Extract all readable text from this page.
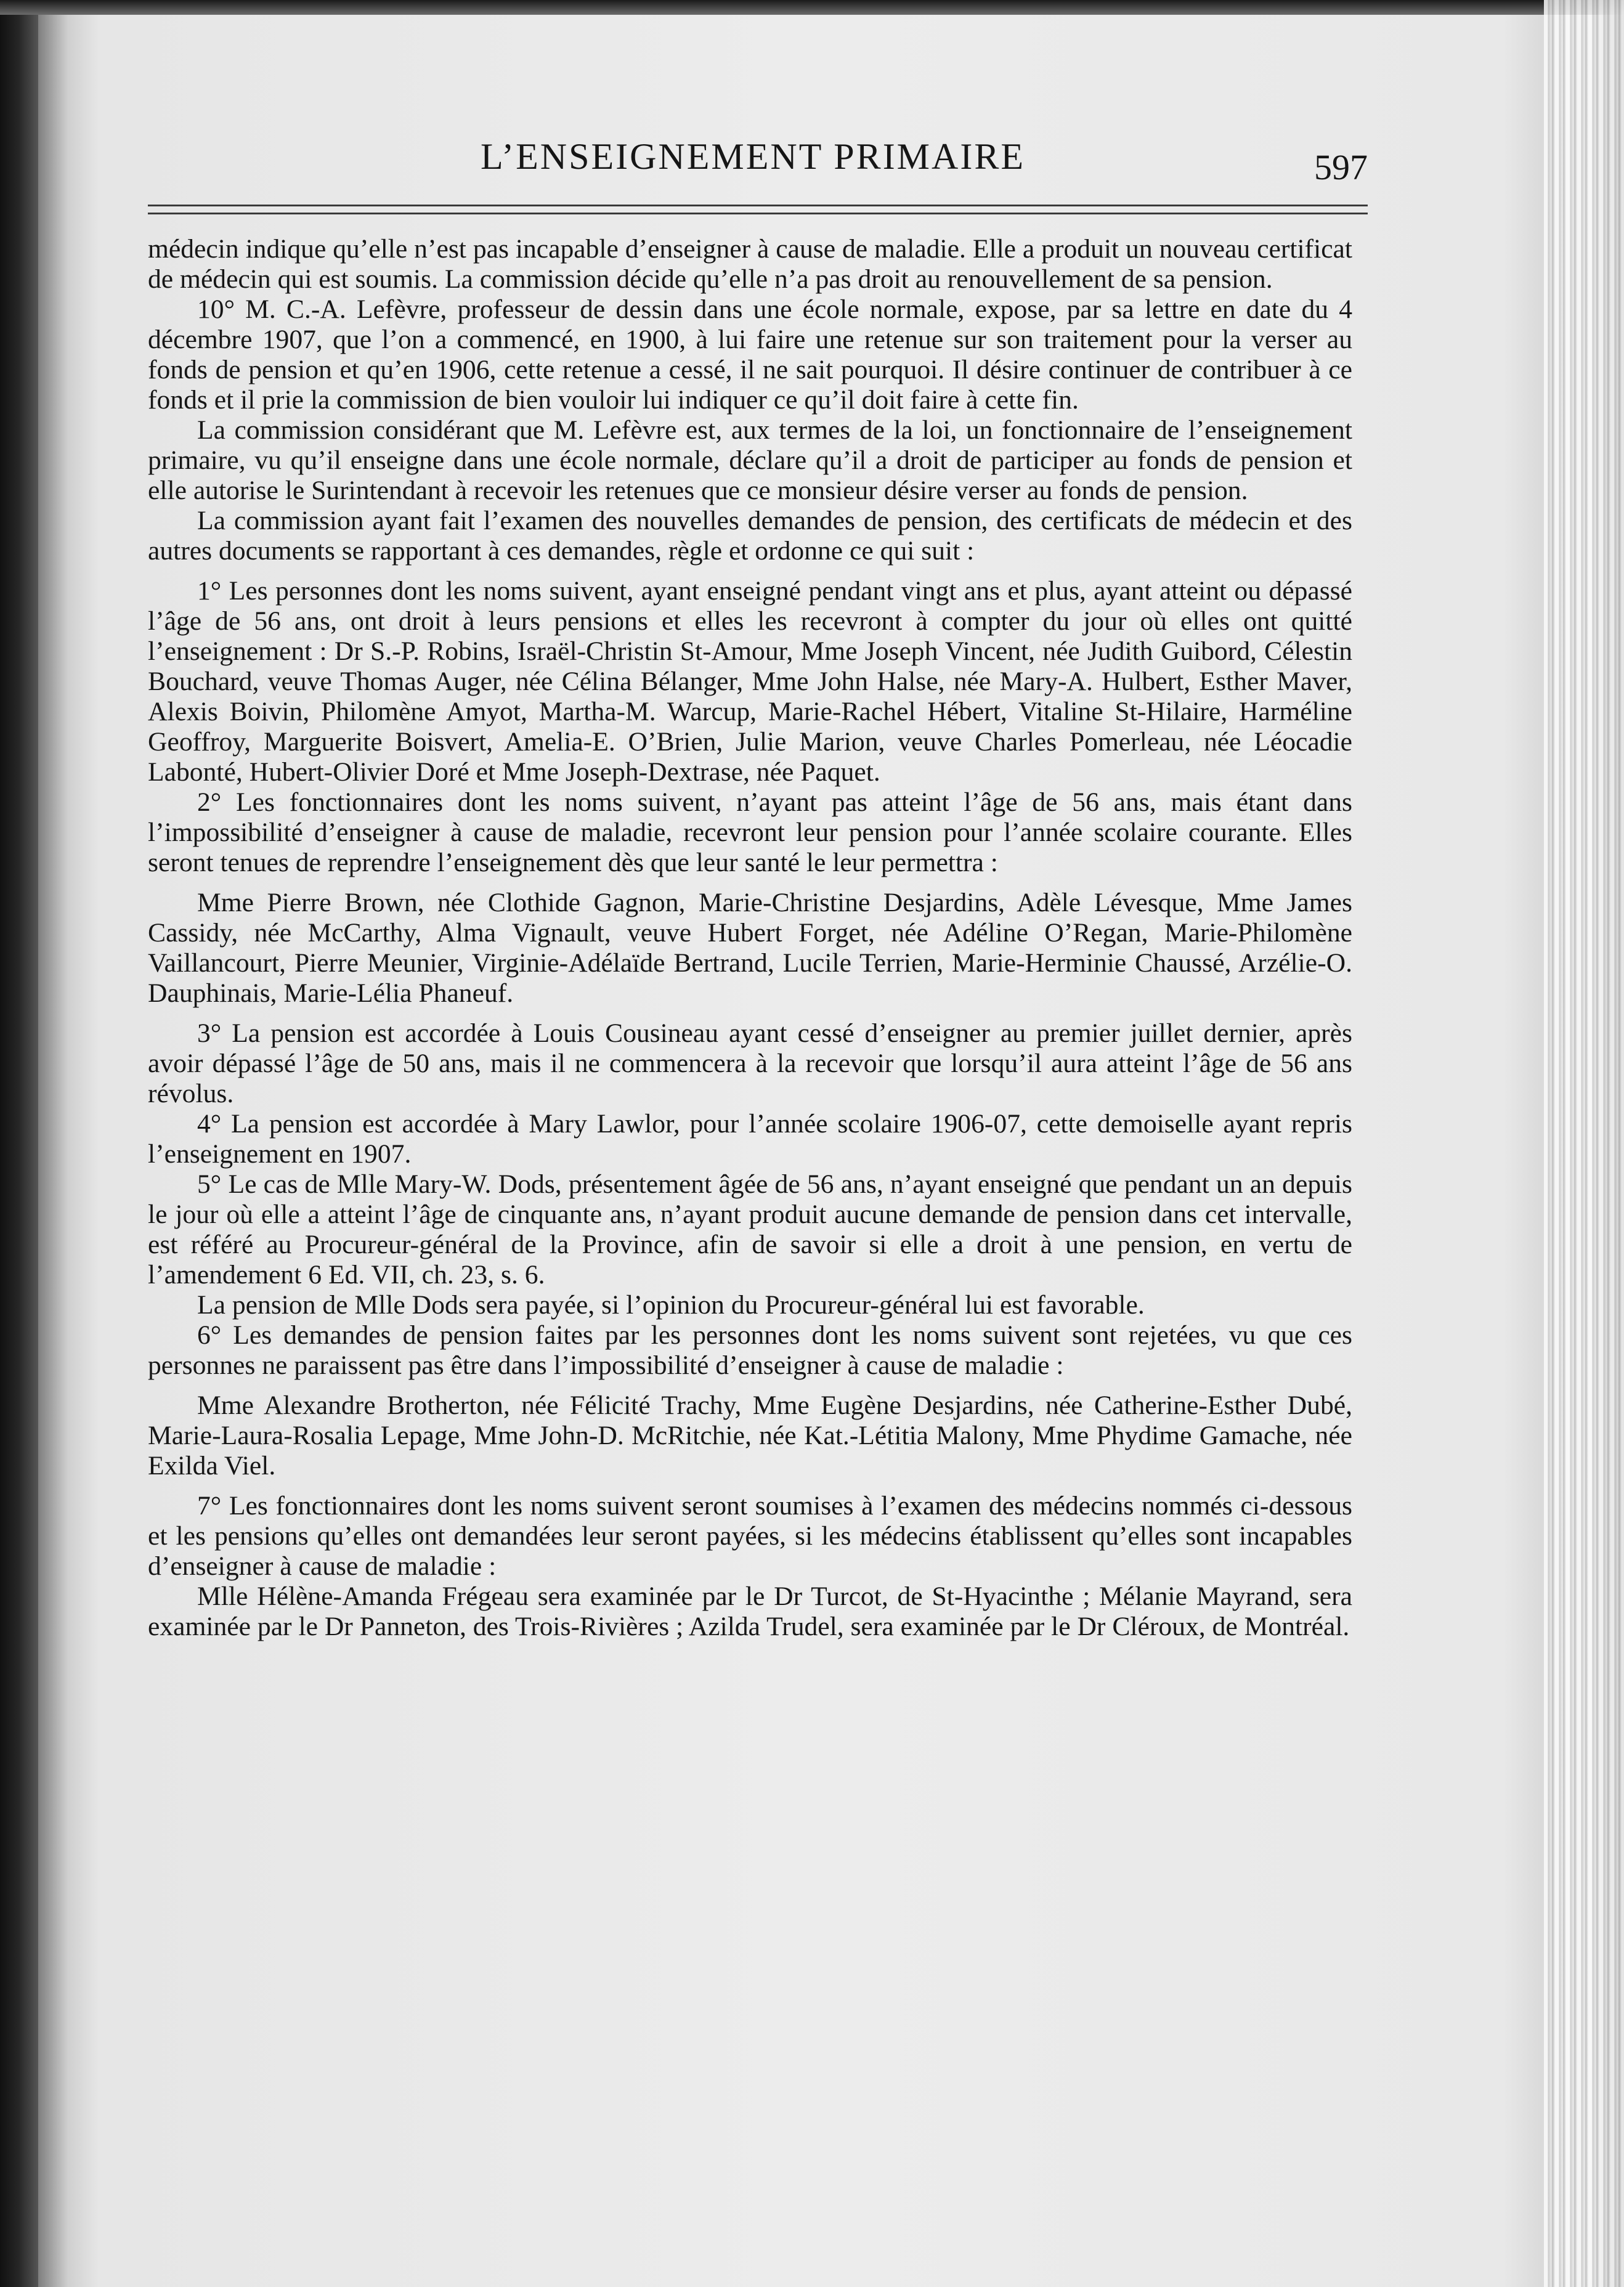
L’ENSEIGNEMENT PRIMAIRE	597

médecin indique qu’elle n’est pas incapable d’enseigner à cause de maladie. Elle a produit un nouveau certificat de médecin qui est soumis. La commission décide qu’elle n’a pas droit au renouvellement de sa pension.

10° M. C.-A. Lefèvre, professeur de dessin dans une école normale, expose, par sa lettre en date du 4 décembre 1907, que l’on a commencé, en 1900, à lui faire une retenue sur son traitement pour la verser au fonds de pension et qu’en 1906, cette retenue a cessé, il ne sait pourquoi. Il désire continuer de contribuer à ce fonds et il prie la commission de bien vouloir lui indiquer ce qu’il doit faire à cette fin.

La commission considérant que M. Lefèvre est, aux termes de la loi, un fonctionnaire de l’enseignement primaire, vu qu’il enseigne dans une école normale, déclare qu’il a droit de participer au fonds de pension et elle autorise le Surintendant à recevoir les retenues que ce monsieur désire verser au fonds de pension.

La commission ayant fait l’examen des nouvelles demandes de pension, des certificats de médecin et des autres documents se rapportant à ces demandes, règle et ordonne ce qui suit :

1° Les personnes dont les noms suivent, ayant enseigné pendant vingt ans et plus, ayant atteint ou dépassé l’âge de 56 ans, ont droit à leurs pensions et elles les recevront à compter du jour où elles ont quitté l’enseignement : Dr S.-P. Robins, Israël-Christin St-Amour, Mme Joseph Vincent, née Judith Guibord, Célestin Bouchard, veuve Thomas Auger, née Célina Bélanger, Mme John Halse, née Mary-A. Hulbert, Esther Maver, Alexis Boivin, Philomène Amyot, Martha-M. Warcup, Marie-Rachel Hébert, Vitaline St-Hilaire, Harméline Geoffroy, Marguerite Boisvert, Amelia-E. O’Brien, Julie Marion, veuve Charles Pomerleau, née Léocadie Labonté, Hubert-Olivier Doré et Mme Joseph-Dextrase, née Paquet.

2° Les fonctionnaires dont les noms suivent, n’ayant pas atteint l’âge de 56 ans, mais étant dans l’impossibilité d’enseigner à cause de maladie, recevront leur pension pour l’année scolaire courante. Elles seront tenues de reprendre l’enseignement dès que leur santé le leur permettra :

Mme Pierre Brown, née Clothide Gagnon, Marie-Christine Desjardins, Adèle Lévesque, Mme James Cassidy, née McCarthy, Alma Vignault, veuve Hubert Forget, née Adéline O’Regan, Marie-Philomène Vaillancourt, Pierre Meunier, Virginie-Adélaïde Bertrand, Lucile Terrien, Marie-Herminie Chaussé, Arzélie-O. Dauphinais, Marie-Lélia Phaneuf.

3° La pension est accordée à Louis Cousineau ayant cessé d’enseigner au premier juillet dernier, après avoir dépassé l’âge de 50 ans, mais il ne commencera à la recevoir que lorsqu’il aura atteint l’âge de 56 ans révolus.

4° La pension est accordée à Mary Lawlor, pour l’année scolaire 1906-07, cette demoiselle ayant repris l’enseignement en 1907.

5° Le cas de Mlle Mary-W. Dods, présentement âgée de 56 ans, n’ayant enseigné que pendant un an depuis le jour où elle a atteint l’âge de cinquante ans, n’ayant produit aucune demande de pension dans cet intervalle, est référé au Procureur-général de la Province, afin de savoir si elle a droit à une pension, en vertu de l’amendement 6 Ed. VII, ch. 23, s. 6.

La pension de Mlle Dods sera payée, si l’opinion du Procureur-général lui est favorable.

6° Les demandes de pension faites par les personnes dont les noms suivent sont rejetées, vu que ces personnes ne paraissent pas être dans l’impossibilité d’enseigner à cause de maladie :

Mme Alexandre Brotherton, née Félicité Trachy, Mme Eugène Desjardins, née Catherine-Esther Dubé, Marie-Laura-Rosalia Lepage, Mme John-D. McRitchie, née Kat.-Létitia Malony, Mme Phydime Gamache, née Exilda Viel.

7° Les fonctionnaires dont les noms suivent seront soumises à l’examen des médecins nommés ci-dessous et les pensions qu’elles ont demandées leur seront payées, si les médecins établissent qu’elles sont incapables d’enseigner à cause de maladie :

Mlle Hélène-Amanda Frégeau sera examinée par le Dr Turcot, de St-Hyacinthe ; Mélanie Mayrand, sera examinée par le Dr Panneton, des Trois-Rivières ; Azilda Trudel, sera examinée par le Dr Cléroux, de Montréal.
